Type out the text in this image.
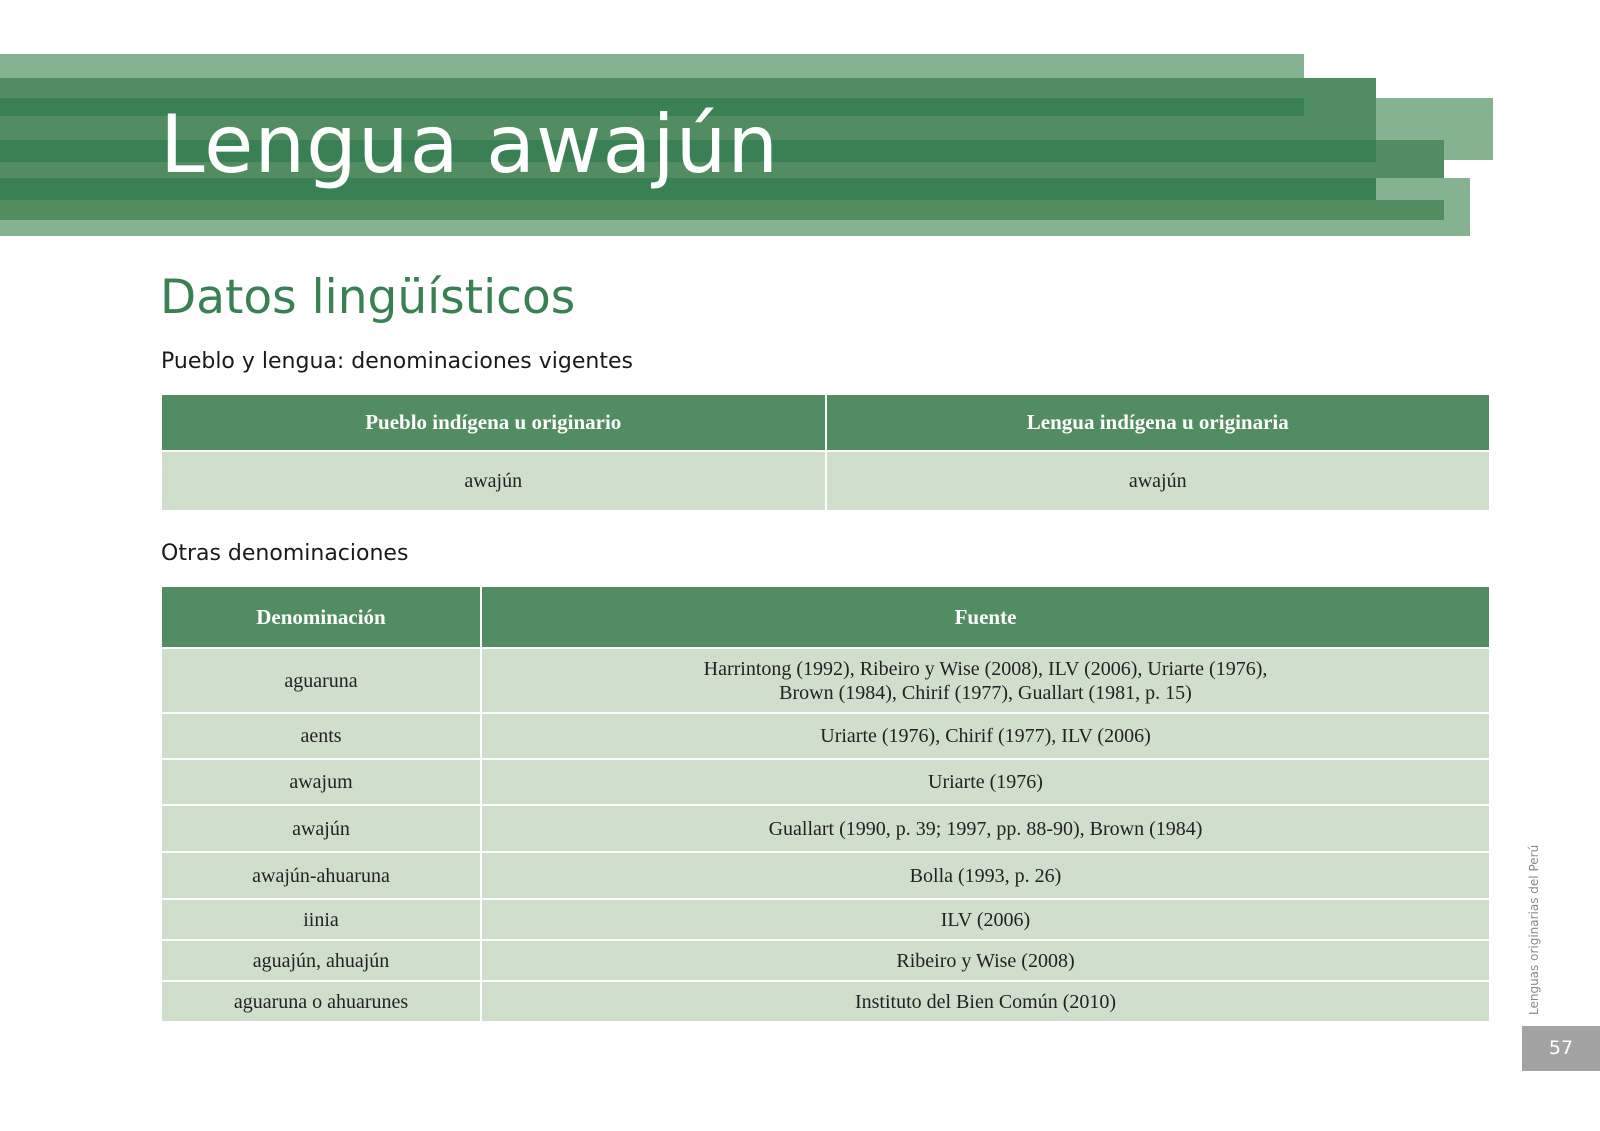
Lengua awajún
Datos lingüísticos
Pueblo y lengua: denominaciones vigentes
Pueblo indígena u originario	Lengua indígena u originaria
awajún	awajún
Otras denominaciones
Denominación	Fuente
aguaruna	Harrintong (1992), Ribeiro y Wise (2008), ILV (2006), Uriarte (1976),
Brown (1984), Chirif (1977), Guallart (1981, p. 15)
aents	Uriarte (1976), Chirif (1977), ILV (2006)
awajum	Uriarte (1976)
awajún	Guallart (1990, p. 39; 1997, pp. 88-90), Brown (1984)
awajún-ahuaruna	Bolla (1993, p. 26)
iinia	ILV (2006)
aguajún, ahuajún	Ribeiro y Wise (2008)
aguaruna o ahuarunes	Instituto del Bien Común (2010)	Lenguas originarias del Perú
57
